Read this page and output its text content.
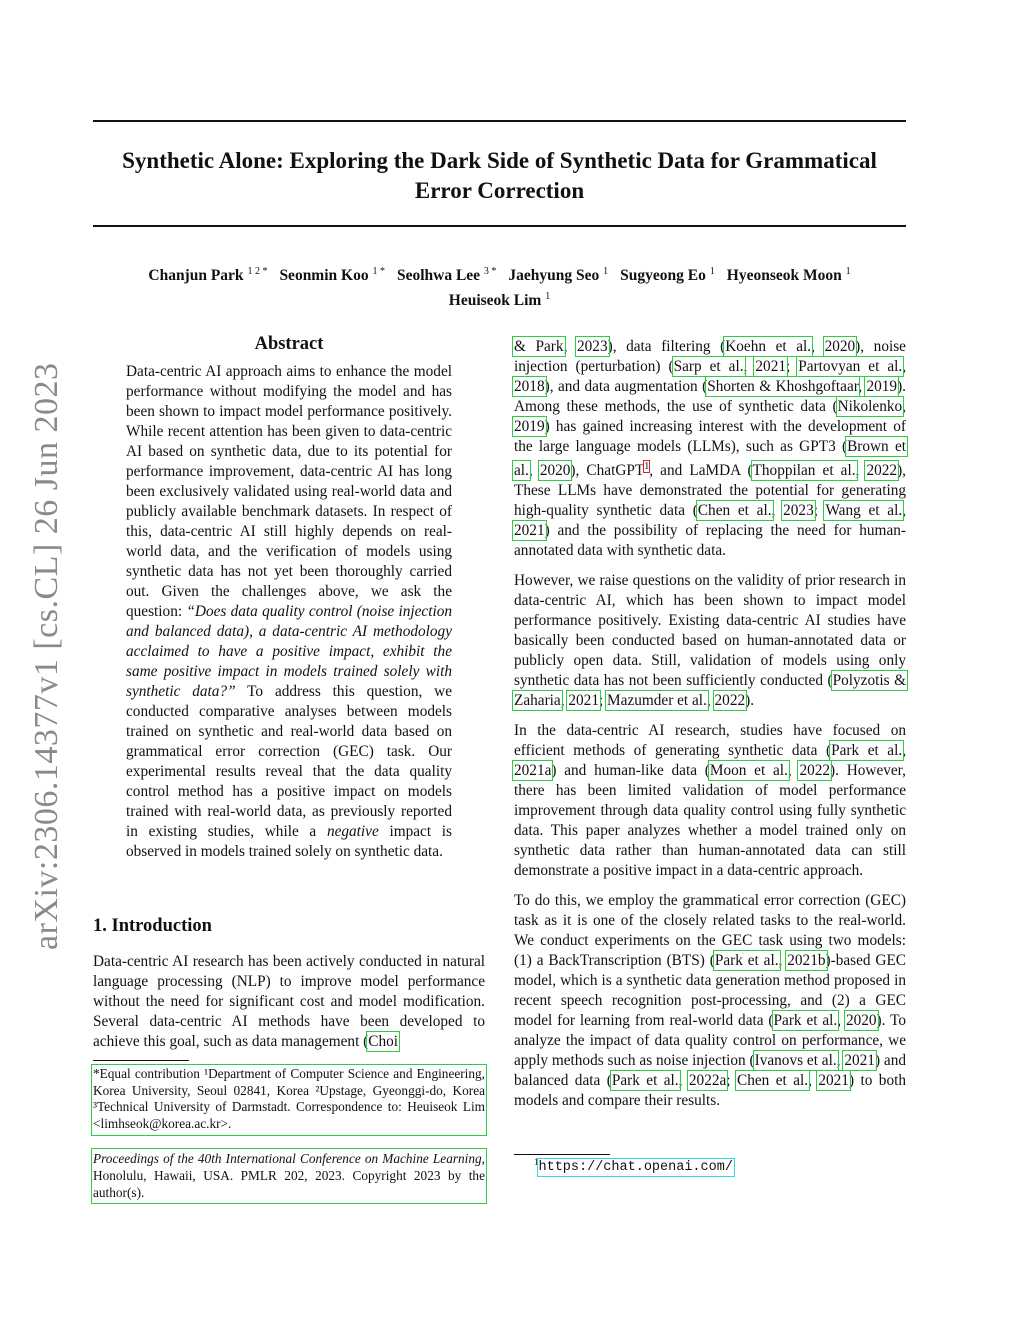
Synthetic Alone: Exploring the Dark Side of Synthetic Data for Grammatical Error Correction
Chanjun Park $^{1 2 *}$ Seonmin Koo $^{1 *}$ Seolhwa Lee $^{3 *}$ Jaehyung Seo $^1$ Sugyeong Eo $^1$ Hyeonseok Moon $^1$
Heuiseok Lim $^1$
arXiv:2306.14377v1 [cs.CL] 26 Jun 2023
Abstract
Data-centric AI approach aims to enhance the model performance without modifying the model and has been shown to impact model performance positively. While recent attention has been given to data-centric AI based on synthetic data, due to its potential for performance improvement, data-centric AI has long been exclusively validated using real-world data and publicly available benchmark datasets. In respect of this, data-centric AI still highly depends on real-world data, and the verification of models using synthetic data has not yet been thoroughly carried out. Given the challenges above, we ask the question: “Does data quality control (noise injection and balanced data), a data-centric AI methodology acclaimed to have a positive impact, exhibit the same positive impact in models trained solely with synthetic data?” To address this question, we conducted comparative analyses between models trained on synthetic and real-world data based on grammatical error correction (GEC) task. Our experimental results reveal that the data quality control method has a positive impact on models trained with real-world data, as previously reported in existing studies, while a negative impact is observed in models trained solely on synthetic data.
1. Introduction
Data-centric AI research has been actively conducted in natural language processing (NLP) to improve model performance without the need for significant cost and model modification. Several data-centric AI methods have been developed to achieve this goal, such as data management (Choi
*Equal contribution ¹Department of Computer Science and Engineering, Korea University, Seoul 02841, Korea ²Upstage, Gyeonggi-do, Korea ³Technical University of Darmstadt. Correspondence to: Heuiseok Lim <limhseok@korea.ac.kr>.
Proceedings of the 40th International Conference on Machine Learning, Honolulu, Hawaii, USA. PMLR 202, 2023. Copyright 2023 by the author(s).

& Park, 2023), data filtering (Koehn et al., 2020), noise injection (perturbation) (Sarp et al., 2021; Partovyan et al., 2018), and data augmentation (Shorten & Khoshgoftaar, 2019). Among these methods, the use of synthetic data (Nikolenko, 2019) has gained increasing interest with the development of the large language models (LLMs), such as GPT3 (Brown et al., 2020), ChatGPT$^1$, and LaMDA (Thoppilan et al., 2022), These LLMs have demonstrated the potential for generating high-quality synthetic data (Chen et al., 2023; Wang et al., 2021) and the possibility of replacing the need for human-annotated data with synthetic data.

However, we raise questions on the validity of prior research in data-centric AI, which has been shown to impact model performance positively. Existing data-centric AI studies have basically been conducted based on human-annotated data or publicly open data. Still, validation of models using only synthetic data has not been sufficiently conducted (Polyzotis & Zaharia, 2021; Mazumder et al., 2022).

In the data-centric AI research, studies have focused on efficient methods of generating synthetic data (Park et al., 2021a) and human-like data (Moon et al., 2022). However, there has been limited validation of model performance improvement through data quality control using fully synthetic data. This paper analyzes whether a model trained only on synthetic data rather than human-annotated data can still demonstrate a positive impact in a data-centric approach.

To do this, we employ the grammatical error correction (GEC) task as it is one of the closely related tasks to the real-world. We conduct experiments on the GEC task using two models: (1) a BackTranscription (BTS) (Park et al., 2021b)-based GEC model, which is a synthetic data generation method proposed in recent speech recognition post-processing, and (2) a GEC model for learning from real-world data (Park et al., 2020). To analyze the impact of data quality control on performance, we apply methods such as noise injection (Ivanovs et al., 2021) and balanced data (Park et al., 2022a; Chen et al., 2021) to both models and compare their results.

$^1$https://chat.openai.com/
